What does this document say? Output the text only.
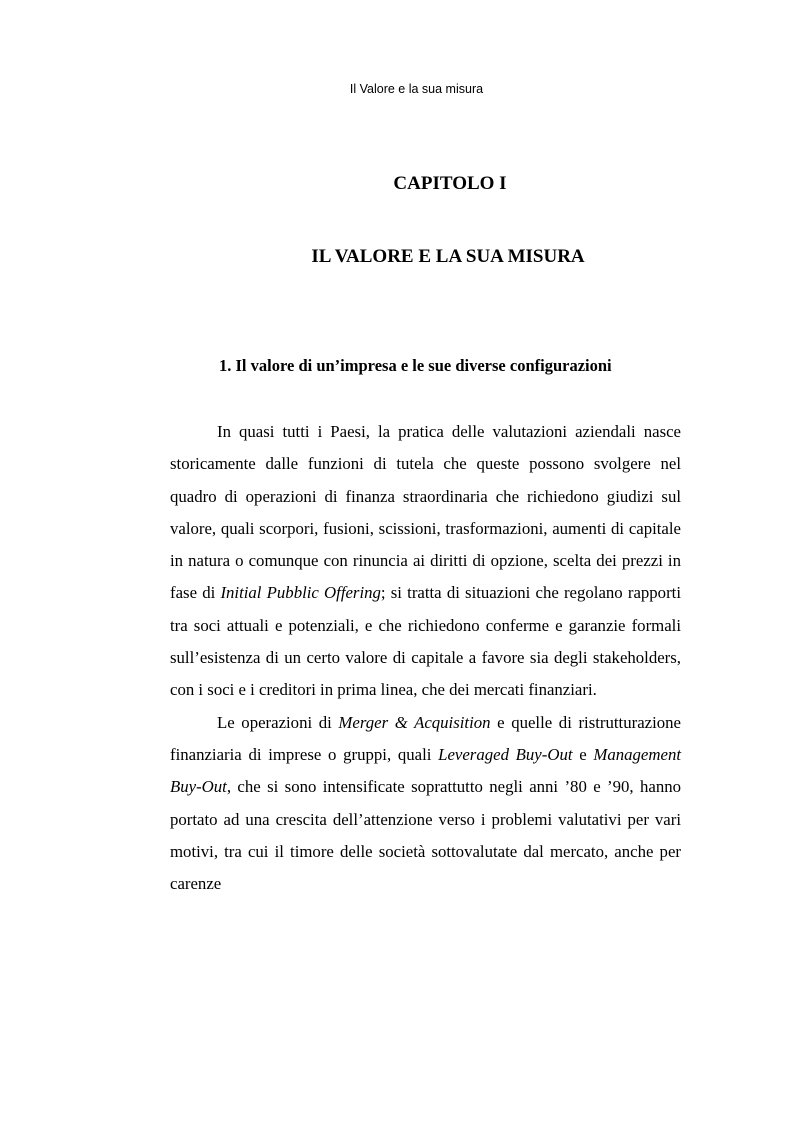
Il Valore e la sua misura
CAPITOLO I
IL VALORE E LA SUA MISURA
1. Il valore di un’impresa e le sue diverse configurazioni

In quasi tutti i Paesi, la pratica delle valutazioni aziendali nasce storicamente dalle funzioni di tutela che queste possono svolgere nel quadro di operazioni di finanza straordinaria che richiedono giudizi sul valore, quali scorpori, fusioni, scissioni, trasformazioni, aumenti di capitale in natura o comunque con rinuncia ai diritti di opzione, scelta dei prezzi in fase di Initial Pubblic Offering; si tratta di situazioni che regolano rapporti tra soci attuali e potenziali, e che richiedono conferme e garanzie formali sull’esistenza di un certo valore di capitale a favore sia degli stakeholders, con i soci e i creditori in prima linea, che dei mercati finanziari.

Le operazioni di Merger & Acquisition e quelle di ristrutturazione finanziaria di imprese o gruppi, quali Leveraged Buy-Out e Management Buy-Out, che si sono intensificate soprattutto negli anni ’80 e ’90, hanno portato ad una crescita dell’attenzione verso i problemi valutativi per vari motivi, tra cui il timore delle società sottovalutate dal mercato, anche per carenze
